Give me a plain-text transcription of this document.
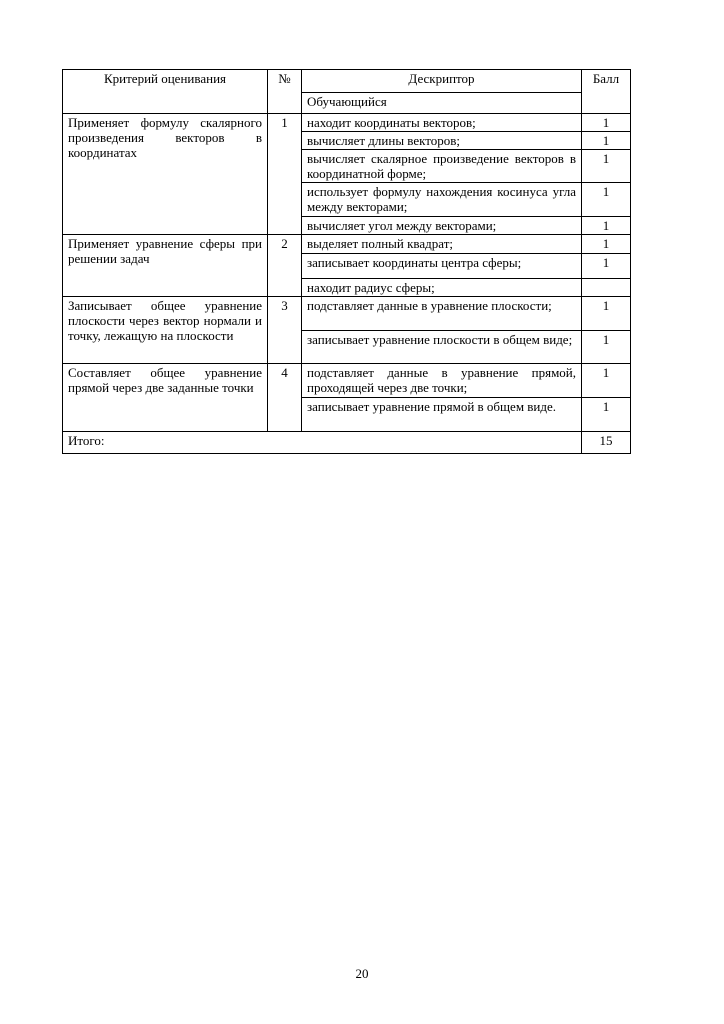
Критерий оценивания	№	Дескриптор	Балл
		Обучающийся	
Применяет формулу скалярного произведения векторов в координатах	1	находит координаты векторов;	1
		вычисляет длины векторов;	1
		вычисляет скалярное произведение векторов в координатной форме;	1
		использует формулу нахождения косинуса угла между векторами;	1
		вычисляет угол между векторами;	1
Применяет уравнение сферы при решении задач	2	выделяет полный квадрат;	1
		записывает координаты центра сферы;	1
		находит радиус сферы;	
Записывает общее уравнение плоскости через вектор нормали и точку, лежащую на плоскости	3	подставляет данные в уравнение плоскости;	1
		записывает уравнение плоскости в общем виде;	1
Составляет общее уравнение прямой через две заданные точки	4	подставляет данные в уравнение прямой, проходящей через две точки;	1
		записывает уравнение прямой в общем виде.	1
Итого:			15
20
